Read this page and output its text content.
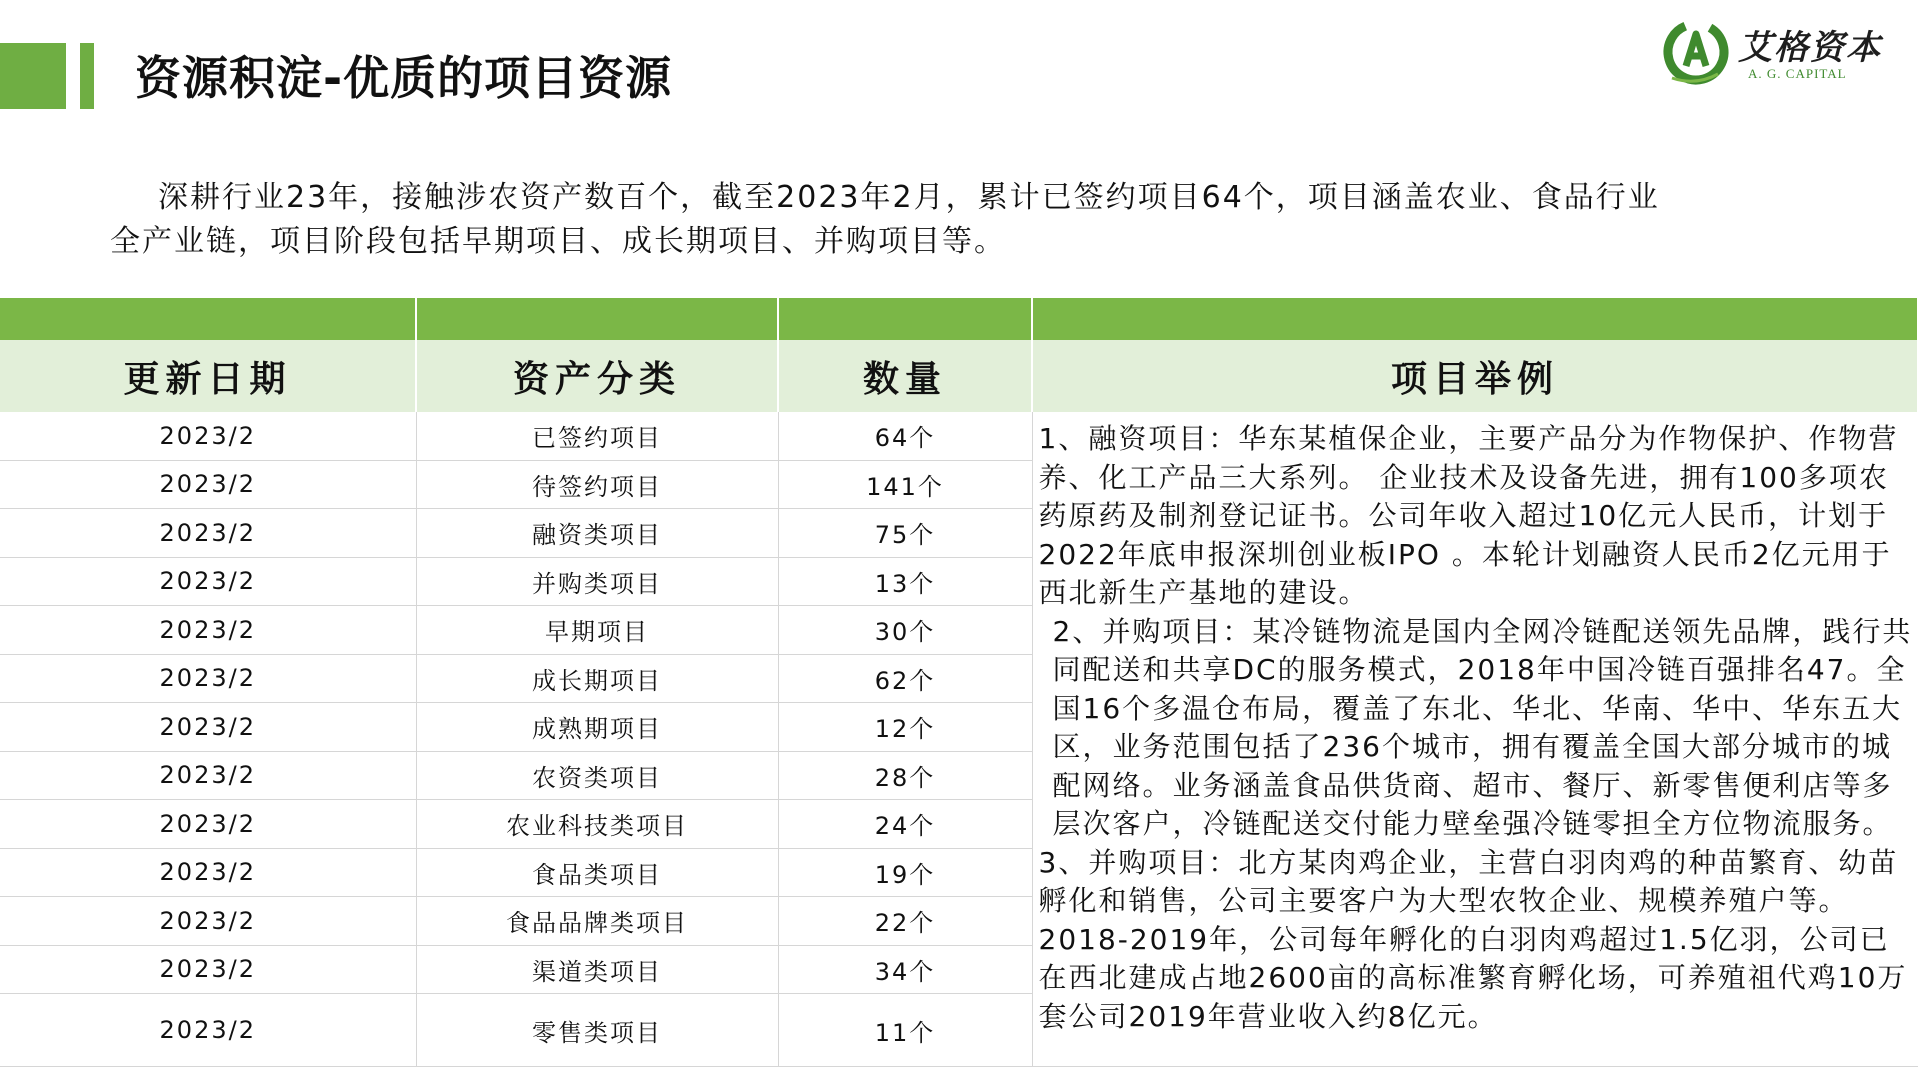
资源积淀-优质的项目资源
艾格资本
A. G. CAPITAL

深耕行业23年，接触涉农资产数百个，截至2023年2月，累计已签约项目64个，项目涵盖农业、食品行业

全产业链，项目阶段包括早期项目、成长期项目、并购项目等。

更新日期	资产分类	数量	项目举例
2023/2	已签约项目	64个	1、融资项目：华东某植保企业，主要产品分为作物保护、作物营养、化工产品三大系列。 企业技术及设备先进，拥有100多项农药原药及制剂登记证书。公司年收入超过10亿元人民币，计划于2022年底申报深圳创业板IPO 。本轮计划融资人民币2亿元用于西北新生产基地的建设。

2、并购项目：某冷链物流是国内全网冷链配送领先品牌，践行共同配送和共享DC的服务模式，2018年中国冷链百强排名47。全国16个多温仓布局，覆盖了东北、华北、华南、华中、华东五大区，业务范围包括了236个城市，拥有覆盖全国大部分城市的城配网络。业务涵盖食品供货商、超市、餐厅、新零售便利店等多层次客户，冷链配送交付能力壁垒强冷链零担全方位物流服务。

3、并购项目：北方某肉鸡企业，主营白羽肉鸡的种苗繁育、幼苗孵化和销售，公司主要客户为大型农牧企业、规模养殖户等。2018-2019年，公司每年孵化的白羽肉鸡超过1.5亿羽，公司已在西北建成占地2600亩的高标准繁育孵化场，可养殖祖代鸡10万套公司2019年营业收入约8亿元。

2023/2	待签约项目	141个	
2023/2	融资类项目	75个	
2023/2	并购类项目	13个	
2023/2	早期项目	30个	
2023/2	成长期项目	62个	
2023/2	成熟期项目	12个	
2023/2	农资类项目	28个	
2023/2	农业科技类项目	24个	
2023/2	食品类项目	19个	
2023/2	食品品牌类项目	22个	
2023/2	渠道类项目	34个	
2023/2	零售类项目	11个	
